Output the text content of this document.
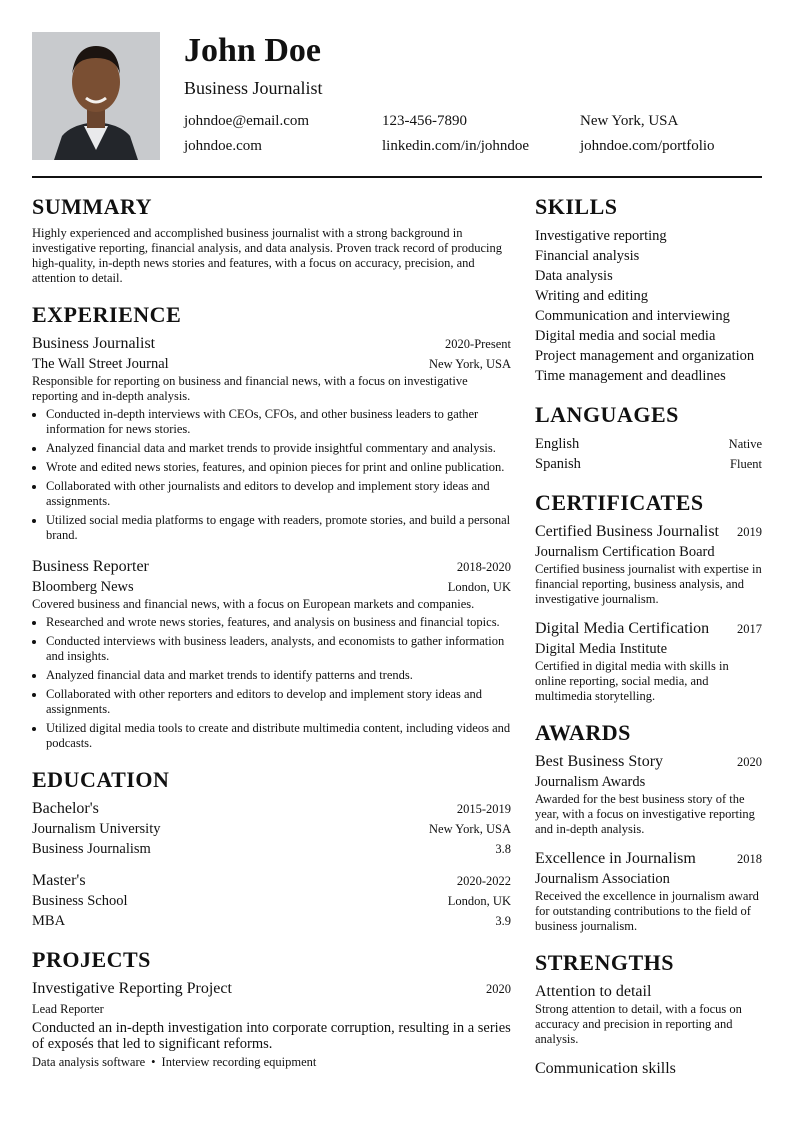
John Doe
Business Journalist
johndoe@email.com	123-456-7890	New York, USA
johndoe.com	linkedin.com/in/johndoe	johndoe.com/portfolio
SUMMARY
Highly experienced and accomplished business journalist with a strong background in investigative reporting, financial analysis, and data analysis. Proven track record of producing high-quality, in-depth news stories and features, with a focus on accuracy, precision, and attention to detail.
EXPERIENCE
Business Journalist	2020-Present
The Wall Street Journal	New York, USA
Responsible for reporting on business and financial news, with a focus on investigative reporting and in-depth analysis.
• Conducted in-depth interviews with CEOs, CFOs, and other business leaders to gather information for news stories.
• Analyzed financial data and market trends to provide insightful commentary and analysis.
• Wrote and edited news stories, features, and opinion pieces for print and online publication.
• Collaborated with other journalists and editors to develop and implement story ideas and assignments.
• Utilized social media platforms to engage with readers, promote stories, and build a personal brand.
Business Reporter	2018-2020
Bloomberg News	London, UK
Covered business and financial news, with a focus on European markets and companies.
• Researched and wrote news stories, features, and analysis on business and financial topics.
• Conducted interviews with business leaders, analysts, and economists to gather information and insights.
• Analyzed financial data and market trends to identify patterns and trends.
• Collaborated with other reporters and editors to develop and implement story ideas and assignments.
• Utilized digital media tools to create and distribute multimedia content, including videos and podcasts.
EDUCATION
Bachelor's	2015-2019
Journalism University	New York, USA
Business Journalism	3.8
Master's	2020-2022
Business School	London, UK
MBA	3.9
PROJECTS
Investigative Reporting Project	2020
Lead Reporter
Conducted an in-depth investigation into corporate corruption, resulting in a series of exposés that led to significant reforms.
Data analysis software • Interview recording equipment
SKILLS
Investigative reporting
Financial analysis
Data analysis
Writing and editing
Communication and interviewing
Digital media and social media
Project management and organization
Time management and deadlines
LANGUAGES
English	Native
Spanish	Fluent
CERTIFICATES
Certified Business Journalist 2019
Journalism Certification Board
Certified business journalist with expertise in financial reporting, business analysis, and investigative journalism.
Digital Media Certification 2017
Digital Media Institute
Certified in digital media with skills in online reporting, social media, and multimedia storytelling.
AWARDS
Best Business Story	2020
Journalism Awards
Awarded for the best business story of the year, with a focus on investigative reporting and in-depth analysis.
Excellence in Journalism	2018
Journalism Association
Received the excellence in journalism award for outstanding contributions to the field of business journalism.
STRENGTHS
Attention to detail
Strong attention to detail, with a focus on accuracy and precision in reporting and analysis.
Communication skills
